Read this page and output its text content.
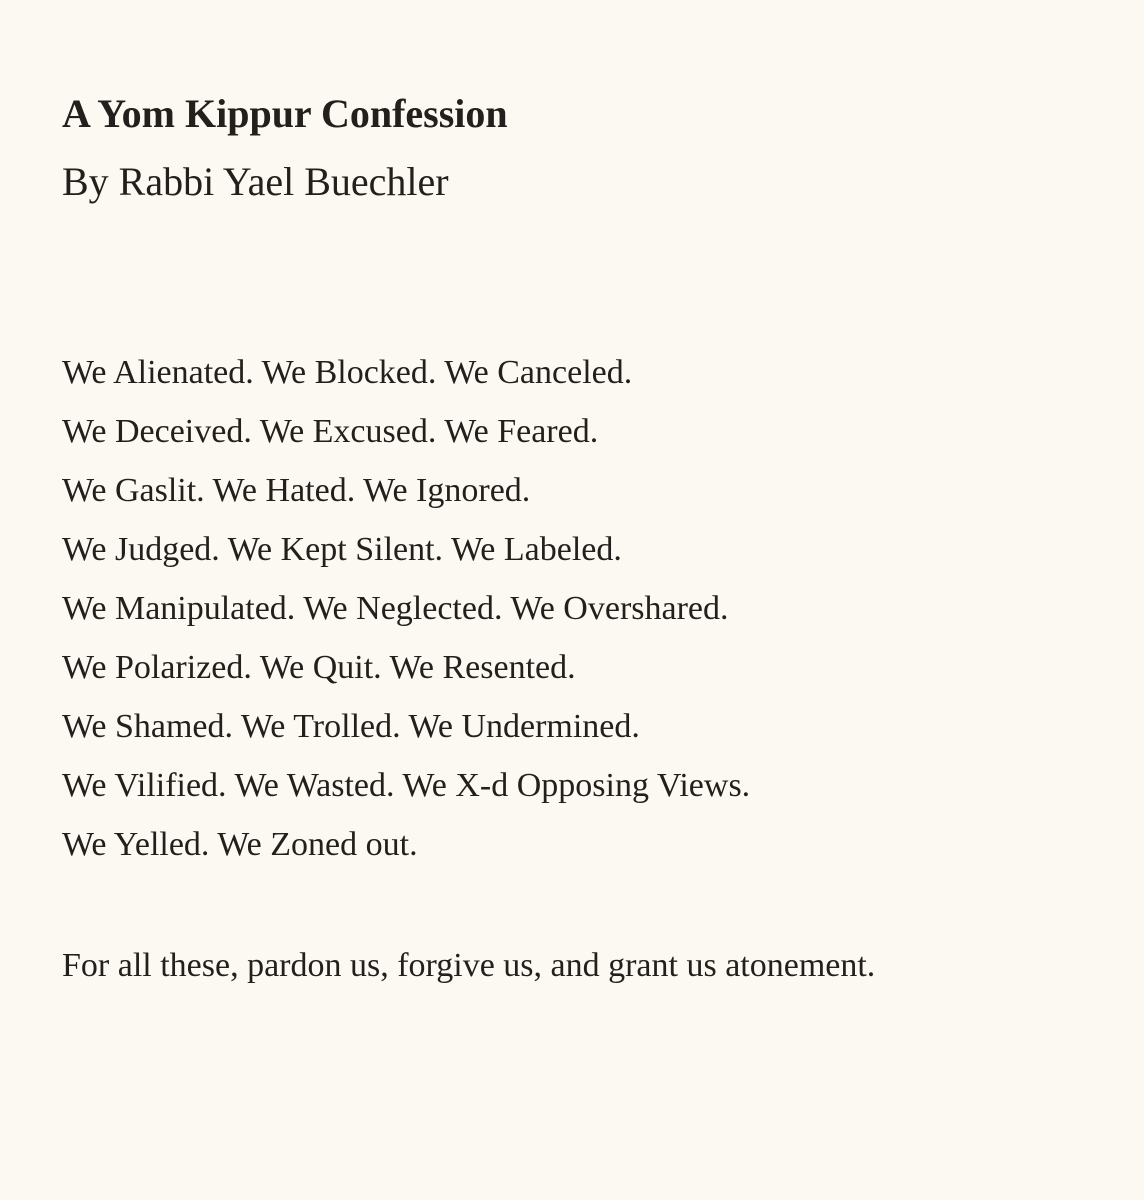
A Yom Kippur Confession

By Rabbi Yael Buechler

We Alienated. We Blocked. We Canceled.
We Deceived. We Excused. We Feared.
We Gaslit. We Hated. We Ignored.
We Judged. We Kept Silent. We Labeled.
We Manipulated. We Neglected. We Overshared.
We Polarized. We Quit. We Resented.
We Shamed. We Trolled. We Undermined.
We Vilified. We Wasted. We X-d Opposing Views.
We Yelled. We Zoned out.

For all these, pardon us, forgive us, and grant us atonement.
